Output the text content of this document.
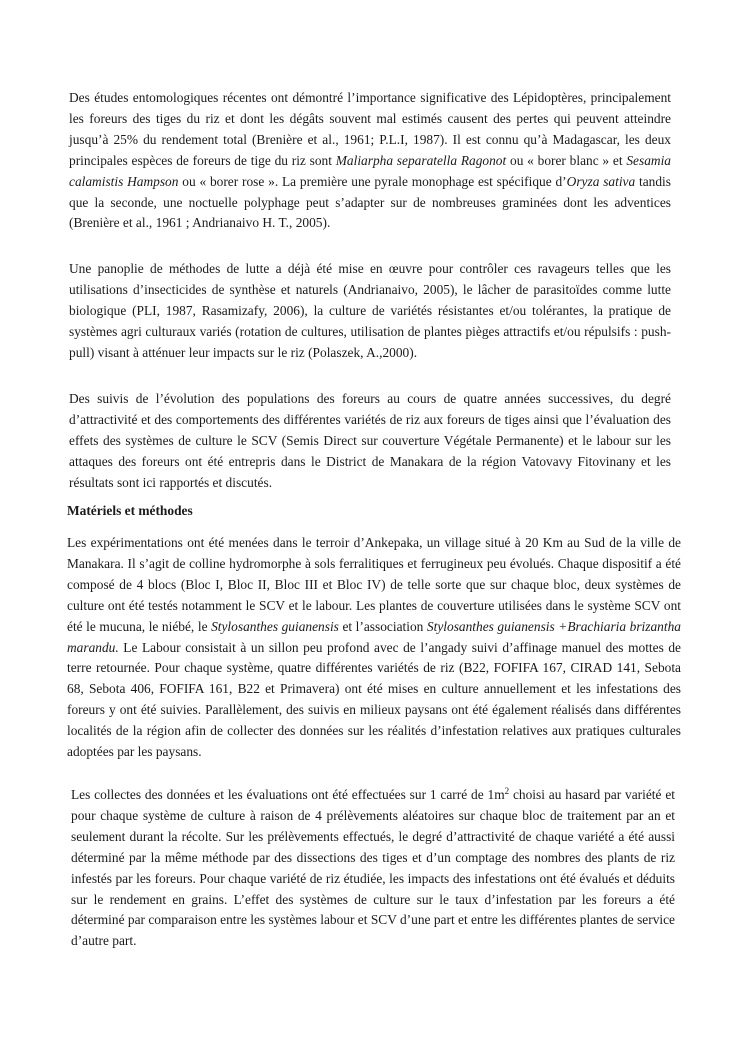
Des études entomologiques récentes ont démontré l’importance significative des Lépidoptères, principalement les foreurs des tiges du riz et dont les dégâts souvent mal estimés causent des pertes qui peuvent atteindre jusqu’à 25% du rendement total (Brenière et al., 1961; P.L.I, 1987). Il est connu qu’à Madagascar, les deux principales espèces de foreurs de tige du riz sont Maliarpha separatella Ragonot ou « borer blanc » et Sesamia calamistis Hampson ou « borer rose ». La première une pyrale monophage est spécifique d’Oryza sativa tandis que la seconde, une noctuelle polyphage peut s’adapter sur de nombreuses graminées dont les adventices (Brenière et al., 1961 ; Andrianaivo H. T., 2005).

Une panoplie de méthodes de lutte a déjà été mise en œuvre pour contrôler ces ravageurs telles que les utilisations d’insecticides de synthèse et naturels (Andrianaivo, 2005), le lâcher de parasitoïdes comme lutte biologique (PLI, 1987, Rasamizafy, 2006), la culture de variétés résistantes et/ou tolérantes, la pratique de systèmes agri culturaux variés (rotation de cultures, utilisation de plantes pièges attractifs et/ou répulsifs : push-pull) visant à atténuer leur impacts sur le riz (Polaszek, A.,2000).

Des suivis de l’évolution des populations des foreurs au cours de quatre années successives, du degré d’attractivité et des comportements des différentes variétés de riz aux foreurs de tiges ainsi que l’évaluation des effets des systèmes de culture le SCV (Semis Direct sur couverture Végétale Permanente) et le labour sur les attaques des foreurs ont été entrepris dans le District de Manakara de la région Vatovavy Fitovinany et les résultats sont ici rapportés et discutés.

Matériels et méthodes

Les expérimentations ont été menées dans le terroir d’Ankepaka, un village situé à 20 Km au Sud de la ville de Manakara. Il s’agit de colline hydromorphe à sols ferralitiques et ferrugineux peu évolués. Chaque dispositif a été composé de 4 blocs (Bloc I, Bloc II, Bloc III et Bloc IV) de telle sorte que sur chaque bloc, deux systèmes de culture ont été testés notamment le SCV et le labour. Les plantes de couverture utilisées dans le système SCV ont été le mucuna, le niébé, le Stylosanthes guianensis et l’association Stylosanthes guianensis +Brachiaria brizantha marandu. Le Labour consistait à un sillon peu profond avec de l’angady suivi d’affinage manuel des mottes de terre retournée. Pour chaque système, quatre différentes variétés de riz (B22, FOFIFA 167, CIRAD 141, Sebota 68, Sebota 406, FOFIFA 161, B22 et Primavera) ont été mises en culture annuellement et les infestations des foreurs y ont été suivies. Parallèlement, des suivis en milieux paysans ont été également réalisés dans différentes localités de la région afin de collecter des données sur les réalités d’infestation relatives aux pratiques culturales adoptées par les paysans.

Les collectes des données et les évaluations ont été effectuées sur 1 carré de $1m^2$ choisi au hasard par variété et pour chaque système de culture à raison de 4 prélèvements aléatoires sur chaque bloc de traitement par an et seulement durant la récolte. Sur les prélèvements effectués, le degré d’attractivité de chaque variété a été aussi déterminé par la même méthode par des dissections des tiges et d’un comptage des nombres des plants de riz infestés par les foreurs. Pour chaque variété de riz étudiée, les impacts des infestations ont été évalués et déduits sur le rendement en grains. L’effet des systèmes de culture sur le taux d’infestation par les foreurs a été déterminé par comparaison entre les systèmes labour et SCV d’une part et entre les différentes plantes de service d’autre part.
